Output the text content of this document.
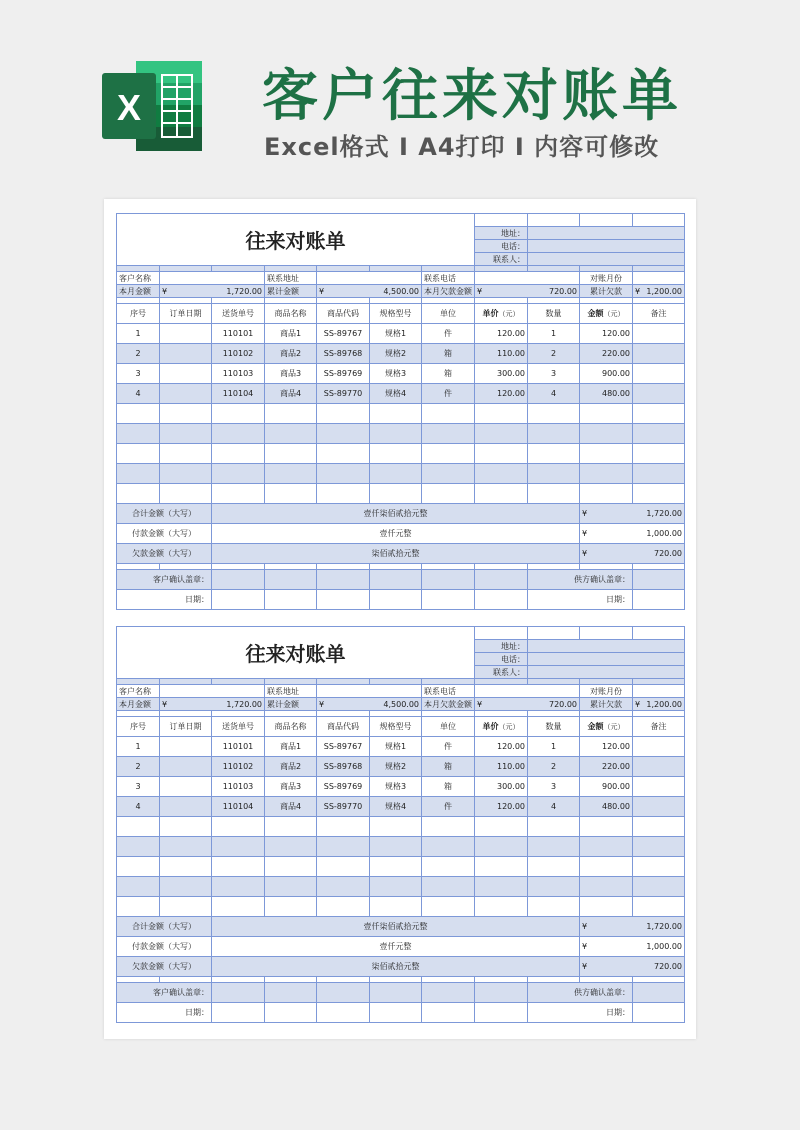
X 客户往来对账单
Excel格式 I A4打印 I 内容可修改
往来对账单										
							地址：			
							电话：			
							联系人：			

客户名称			联系地址			联系电话			对账月份	
本月金额	¥ 1,720.00		累计金额	¥ 4,500.00		本月欠款金额	¥ 720.00		累计欠款	¥ 1,200.00

序号	订单日期	送货单号	商品名称	商品代码	规格型号	单位	单价（元）	数量	金额（元）	备注
1		110101	商品1	SS-89767	规格1	件	120.00	1	120.00	
2		110102	商品2	SS-89768	规格2	箱	110.00	2	220.00	
3		110103	商品3	SS-89769	规格3	箱	300.00	3	900.00	
4		110104	商品4	SS-89770	规格4	件	120.00	4	480.00	

合计金额（大写）		壹仟柒佰贰拾元整							¥ 1,720.00	

付款金额（大写）		壹仟元整							¥ 1,000.00	

欠款金额（大写）		柒佰贰拾元整							¥ 720.00	

客户确认盖章：								供方确认盖章：		
日期：								日期：		
往来对账单										
							地址：			
							电话：			
							联系人：			

客户名称			联系地址			联系电话			对账月份	
本月金额	¥ 1,720.00		累计金额	¥ 4,500.00		本月欠款金额	¥ 720.00		累计欠款	¥ 1,200.00

序号	订单日期	送货单号	商品名称	商品代码	规格型号	单位	单价（元）	数量	金额（元）	备注
1		110101	商品1	SS-89767	规格1	件	120.00	1	120.00	
2		110102	商品2	SS-89768	规格2	箱	110.00	2	220.00	
3		110103	商品3	SS-89769	规格3	箱	300.00	3	900.00	
4		110104	商品4	SS-89770	规格4	件	120.00	4	480.00	

合计金额（大写）		壹仟柒佰贰拾元整							¥ 1,720.00	

付款金额（大写）		壹仟元整							¥ 1,000.00	

欠款金额（大写）		柒佰贰拾元整							¥ 720.00	

客户确认盖章：								供方确认盖章：		
日期：								日期：		
